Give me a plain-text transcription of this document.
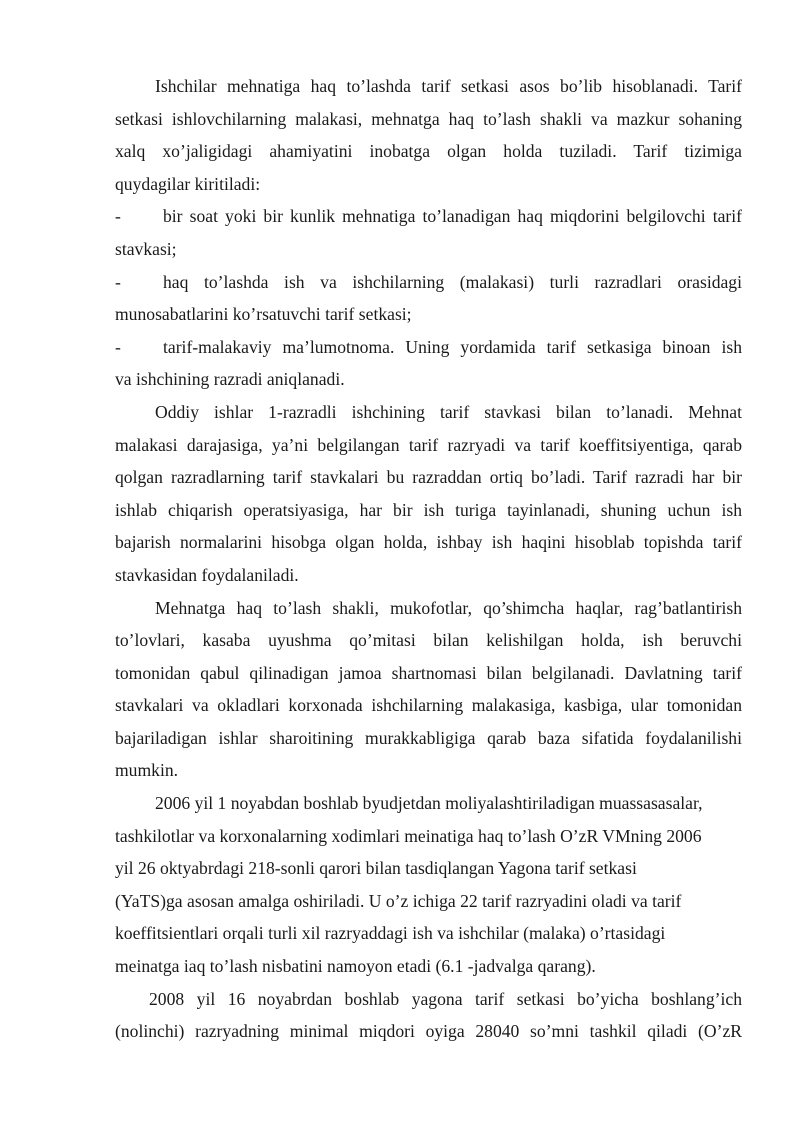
Ishchilar mehnatiga haq to’lashda tarif setkasi asos bo’lib hisoblanadi. Tarif
setkasi ishlovchilarning malakasi, mehnatga haq to’lash shakli va mazkur sohaning
xalq xo’jaligidagi ahamiyatini inobatga olgan holda tuziladi. Tarif tizimiga
quydagilar kiritiladi:
-	bir soat yoki bir kunlik mehnatiga to’lanadigan haq miqdorini belgilovchi tarif
stavkasi;
-	haq to’lashda ish va ishchilarning (malakasi) turli razradlari orasidagi
munosabatlarini ko’rsatuvchi tarif setkasi;
-	tarif-malakaviy ma’lumotnoma. Uning yordamida tarif setkasiga binoan ish
va ishchining razradi aniqlanadi.
Oddiy ishlar 1-razradli ishchining tarif stavkasi bilan to’lanadi. Mehnat
malakasi darajasiga, ya’ni belgilangan tarif razryadi va tarif koeffitsiyentiga, qarab
qolgan razradlarning tarif stavkalari bu razraddan ortiq bo’ladi. Tarif razradi har bir
ishlab chiqarish operatsiyasiga, har bir ish turiga tayinlanadi, shuning uchun ish
bajarish normalarini hisobga olgan holda, ishbay ish haqini hisoblab topishda tarif
stavkasidan foydalaniladi.
Mehnatga haq to’lash shakli, mukofotlar, qo’shimcha haqlar, rag’batlantirish
to’lovlari, kasaba uyushma qo’mitasi bilan kelishilgan holda, ish beruvchi
tomonidan qabul qilinadigan jamoa shartnomasi bilan belgilanadi. Davlatning tarif
stavkalari va okladlari korxonada ishchilarning malakasiga, kasbiga, ular tomonidan
bajariladigan ishlar sharoitining murakkabligiga qarab baza sifatida foydalanilishi
mumkin.
2006 yil 1 noyabdan boshlab byudjetdan moliyalashtiriladigan muassasasalar,
tashkilotlar va korxonalarning xodimlari meinatiga haq to’lash O’zR VMning 2006
yil 26 oktyabrdagi 218-sonli qarori bilan tasdiqlangan Yagona tarif setkasi
(YaTS)ga asosan amalga oshiriladi. U o’z ichiga 22 tarif razryadini oladi va tarif
koeffitsientlari orqali turli xil razryaddagi ish va ishchilar (malaka) o’rtasidagi
meinatga iaq to’lash nisbatini namoyon etadi (6.1 -jadvalga qarang).
2008 yil 16 noyabrdan boshlab yagona tarif setkasi bo’yicha boshlang’ich
(nolinchi) razryadning minimal miqdori oyiga 28040 so’mni tashkil qiladi (O’zR
